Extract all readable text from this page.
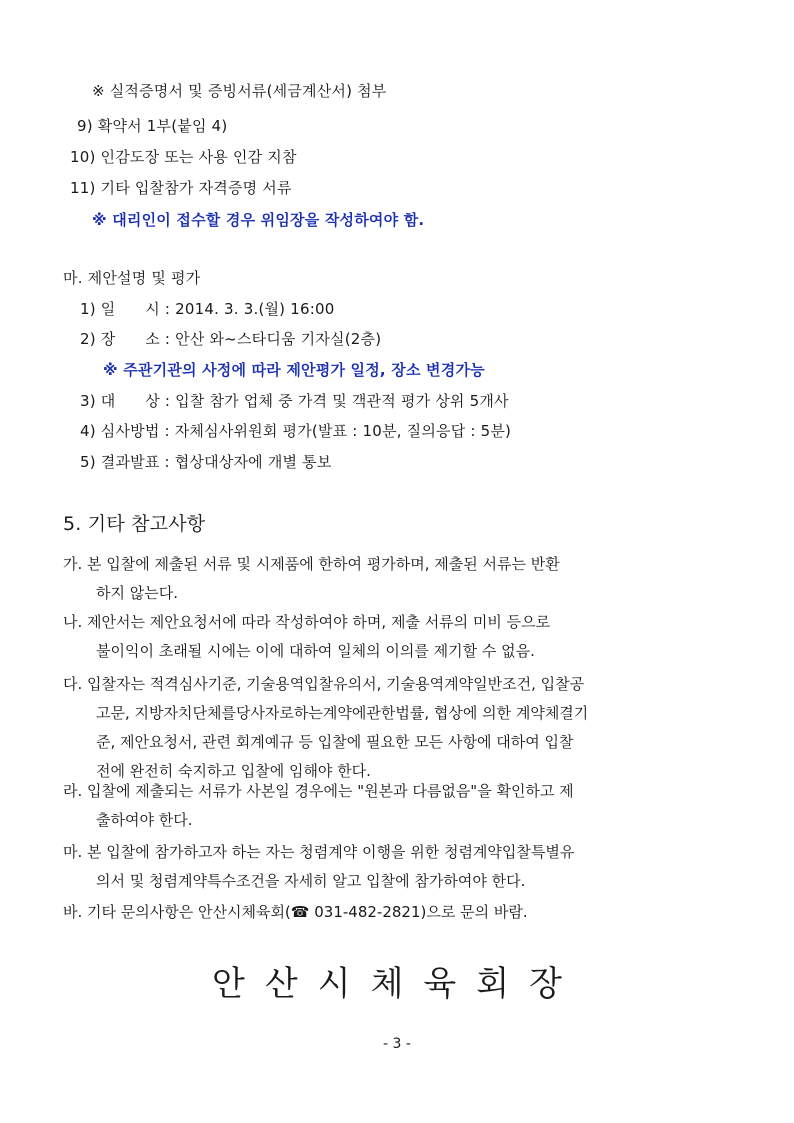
※ 실적증명서 및 증빙서류(세금계산서) 첨부
9) 확약서 1부(붙임 4)
10) 인감도장 또는 사용 인감 지참
11) 기타 입찰참가 자격증명 서류
※ 대리인이 접수할 경우 위임장을 작성하여야 함.
마. 제안설명 및 평가
1) 일      시 : 2014. 3. 3.(월) 16:00
2) 장      소 : 안산 와~스타디움 기자실(2층)
※ 주관기관의 사정에 따라 제안평가 일정, 장소 변경가능
3) 대      상 : 입찰 참가 업체 중 가격 및 객관적 평가 상위 5개사
4) 심사방법 : 자체심사위원회 평가(발표 : 10분, 질의응답 : 5분)
5) 결과발표 : 협상대상자에 개별 통보
5. 기타 참고사항
가. 본 입찰에 제출된 서류 및 시제품에 한하여 평가하며, 제출된 서류는 반환
하지 않는다.
나. 제안서는 제안요청서에 따라 작성하여야 하며, 제출 서류의 미비 등으로
불이익이 초래될 시에는 이에 대하여 일체의 이의를 제기할 수 없음.
다. 입찰자는 적격심사기준, 기술용역입찰유의서, 기술용역계약일반조건, 입찰공
고문, 지방자치단체를당사자로하는계약에관한법률, 협상에 의한 계약체결기
준, 제안요청서, 관련 회계예규 등 입찰에 필요한 모든 사항에 대하여 입찰
전에 완전히 숙지하고 입찰에 임해야 한다.
라. 입찰에 제출되는 서류가 사본일 경우에는 "원본과 다름없음"을 확인하고 제
출하여야 한다.
마. 본 입찰에 참가하고자 하는 자는 청렴계약 이행을 위한 청렴계약입찰특별유
의서 및 청렴계약특수조건을 자세히 알고 입찰에 참가하여야 한다.
바. 기타 문의사항은 안산시체육회(☎ 031-482-2821)으로 문의 바람.
안산시체육회장
- 3 -
